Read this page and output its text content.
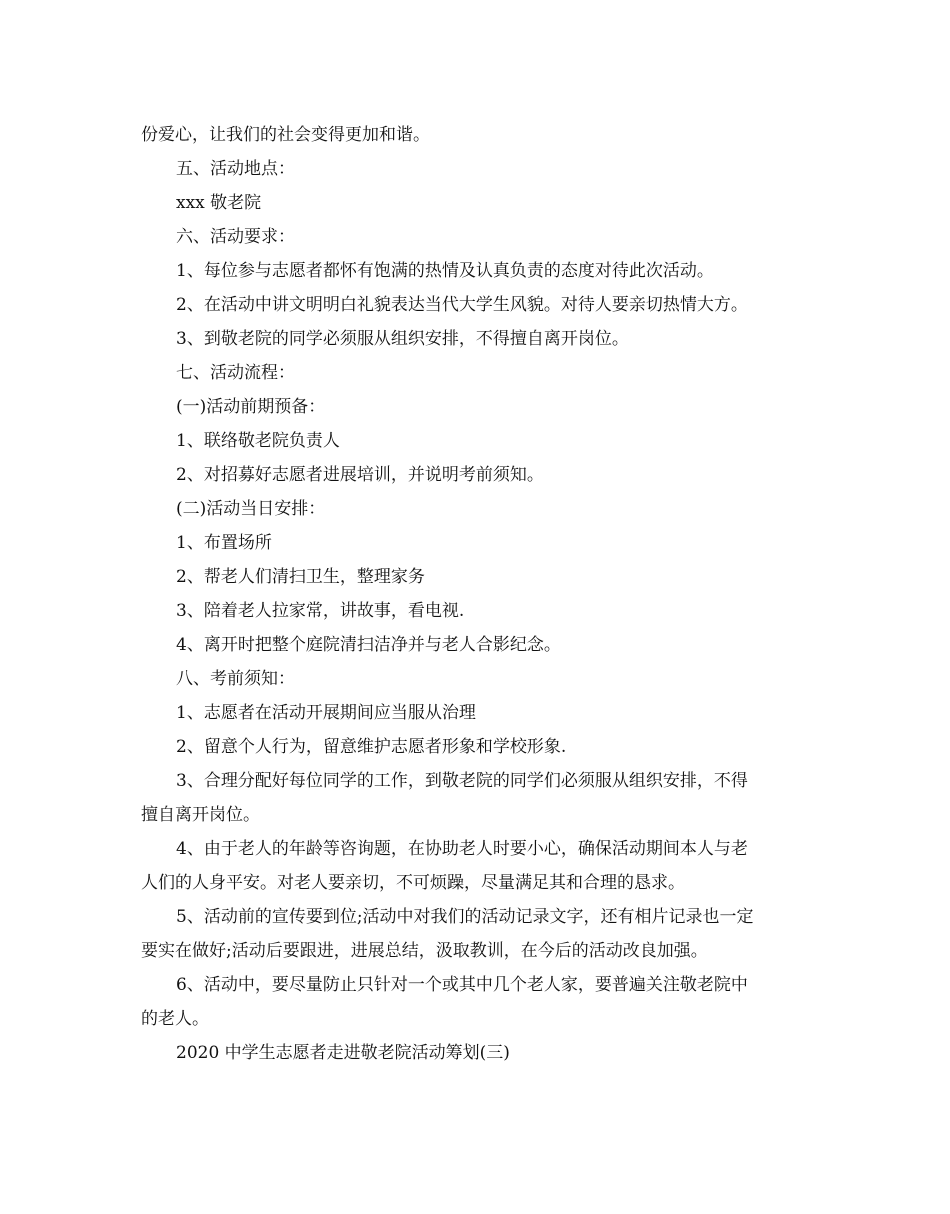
份爱心，让我们的社会变得更加和谐。
五、活动地点：
xxx 敬老院
六、活动要求：
1、每位参与志愿者都怀有饱满的热情及认真负责的态度对待此次活动。
2、在活动中讲文明明白礼貌表达当代大学生风貌。对待人要亲切热情大方。
3、到敬老院的同学必须服从组织安排，不得擅自离开岗位。
七、活动流程：
(一)活动前期预备：
1、联络敬老院负责人
2、对招募好志愿者进展培训，并说明考前须知。
(二)活动当日安排：
1、布置场所
2、帮老人们清扫卫生，整理家务
3、陪着老人拉家常，讲故事，看电视.
4、离开时把整个庭院清扫洁净并与老人合影纪念。
八、考前须知：
1、志愿者在活动开展期间应当服从治理
2、留意个人行为，留意维护志愿者形象和学校形象.
3、合理分配好每位同学的工作，到敬老院的同学们必须服从组织安排，不得
擅自离开岗位。
4、由于老人的年龄等咨询题，在协助老人时要小心，确保活动期间本人与老
人们的人身平安。对老人要亲切，不可烦躁，尽量满足其和合理的恳求。
5、活动前的宣传要到位;活动中对我们的活动记录文字，还有相片记录也一定
要实在做好;活动后要跟进，进展总结，汲取教训，在今后的活动改良加强。
6、活动中，要尽量防止只针对一个或其中几个老人家，要普遍关注敬老院中
的老人。
2020 中学生志愿者走进敬老院活动筹划(三)
